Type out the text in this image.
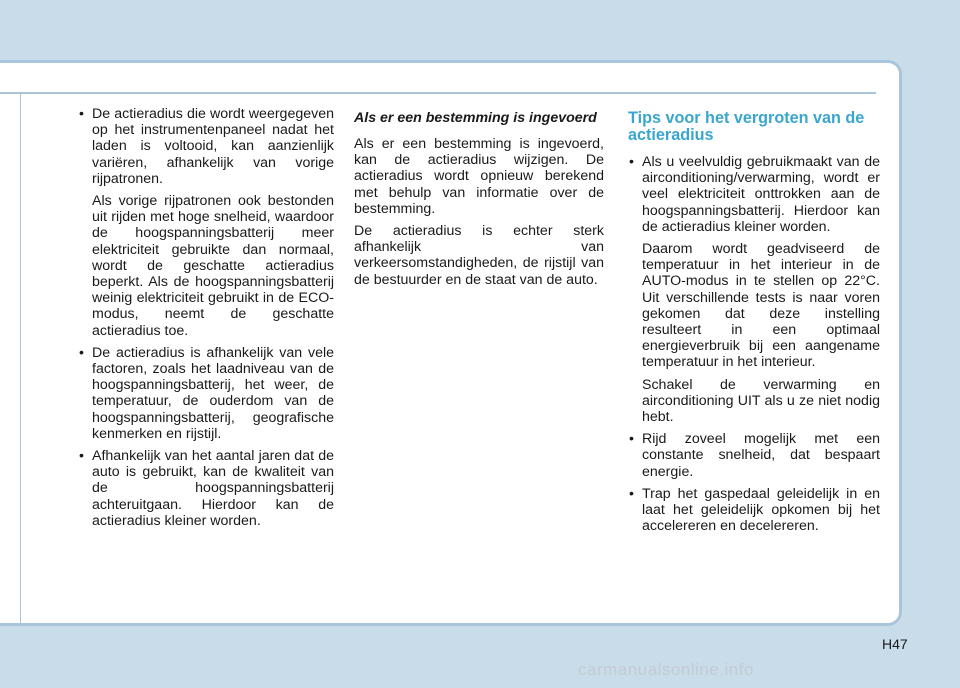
• De actieradius die wordt weergegeven op het instrumentenpaneel nadat het laden is voltooid, kan aanzienlijk variëren, afhankelijk van vorige rijpatronen.

Als vorige rijpatronen ook bestonden uit rijden met hoge snelheid, waardoor de hoogspanningsbatterij meer elektriciteit gebruikte dan normaal, wordt de geschatte actieradius beperkt. Als de hoogspanningsbatterij weinig elektriciteit gebruikt in de ECO-modus, neemt de geschatte actieradius toe.

• De actieradius is afhankelijk van vele factoren, zoals het laadniveau van de hoogspanningsbatterij, het weer, de temperatuur, de ouderdom van de hoogspanningsbatterij, geografische kenmerken en rijstijl.
• Afhankelijk van het aantal jaren dat de auto is gebruikt, kan de kwaliteit van de hoogspanningsbatterij achteruitgaan. Hierdoor kan de actieradius kleiner worden.
Als er een bestemming is ingevoerd

Als er een bestemming is ingevoerd, kan de actieradius wijzigen. De actieradius wordt opnieuw berekend met behulp van informatie over de bestemming.

De actieradius is echter sterk afhankelijk van verkeersomstandigheden, de rijstijl van de bestuurder en de staat van de auto.

Tips voor het vergroten van de actieradius
• Als u veelvuldig gebruikmaakt van de airconditioning/verwarming, wordt er veel elektriciteit onttrokken aan de hoogspanningsbatterij. Hierdoor kan de actieradius kleiner worden.

Daarom wordt geadviseerd de temperatuur in het interieur in de AUTO-modus in te stellen op 22°C. Uit verschillende tests is naar voren gekomen dat deze instelling resulteert in een optimaal energieverbruik bij een aangename temperatuur in het interieur.

Schakel de verwarming en airconditioning UIT als u ze niet nodig hebt.

• Rijd zoveel mogelijk met een constante snelheid, dat bespaart energie.
• Trap het gaspedaal geleidelijk in en laat het geleidelijk opkomen bij het accelereren en decelereren.
H47
carmanualsonline.info
